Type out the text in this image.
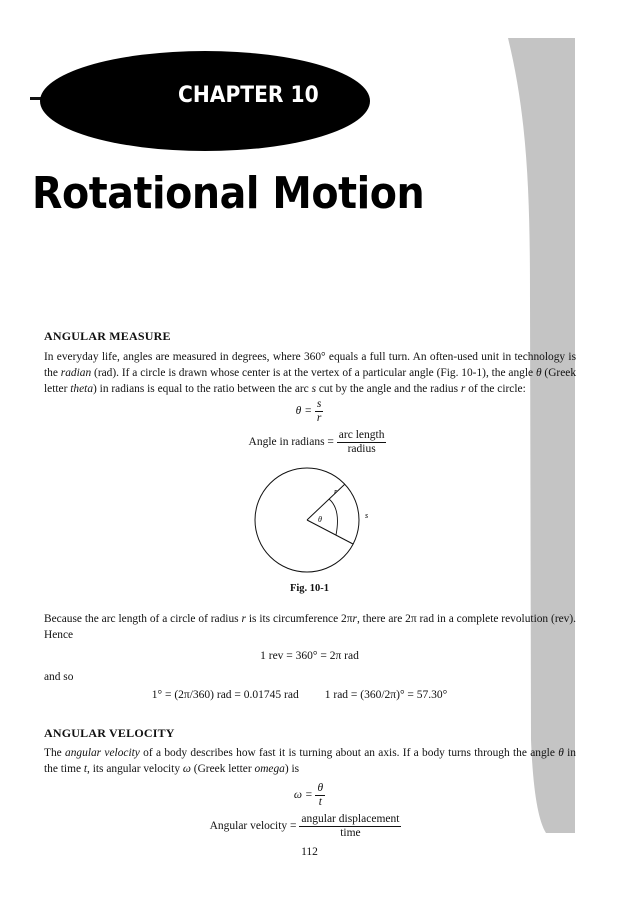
CHAPTER 10
Rotational Motion
ANGULAR MEASURE

In everyday life, angles are measured in degrees, where 360° equals a full turn. An often-used unit in technology is the radian (rad). If a circle is drawn whose center is at the vertex of a particular angle (Fig. 10-1), the angle θ (Greek letter theta) in radians is equal to the ratio between the arc s cut by the angle and the radius r of the circle:

$\theta = \frac{s}{r}$
Angle in radians = $\frac{\text{arc length}}{\text{radius}}$
r
s
θ
Fig. 10-1

Because the arc length of a circle of radius r is its circumference 2πr, there are 2π rad in a complete revolution (rev). Hence

1 rev = 360° = 2π rad

and so

1° = (2π/360) rad = 0.01745 rad 1 rad = (360/2π)° = 57.30°
ANGULAR VELOCITY

The angular velocity of a body describes how fast it is turning about an axis. If a body turns through the angle θ in the time t, its angular velocity ω (Greek letter omega) is

$\omega = \frac{\theta}{t}$
Angular velocity = $\frac{\text{angular displacement}}{\text{time}}$
112
